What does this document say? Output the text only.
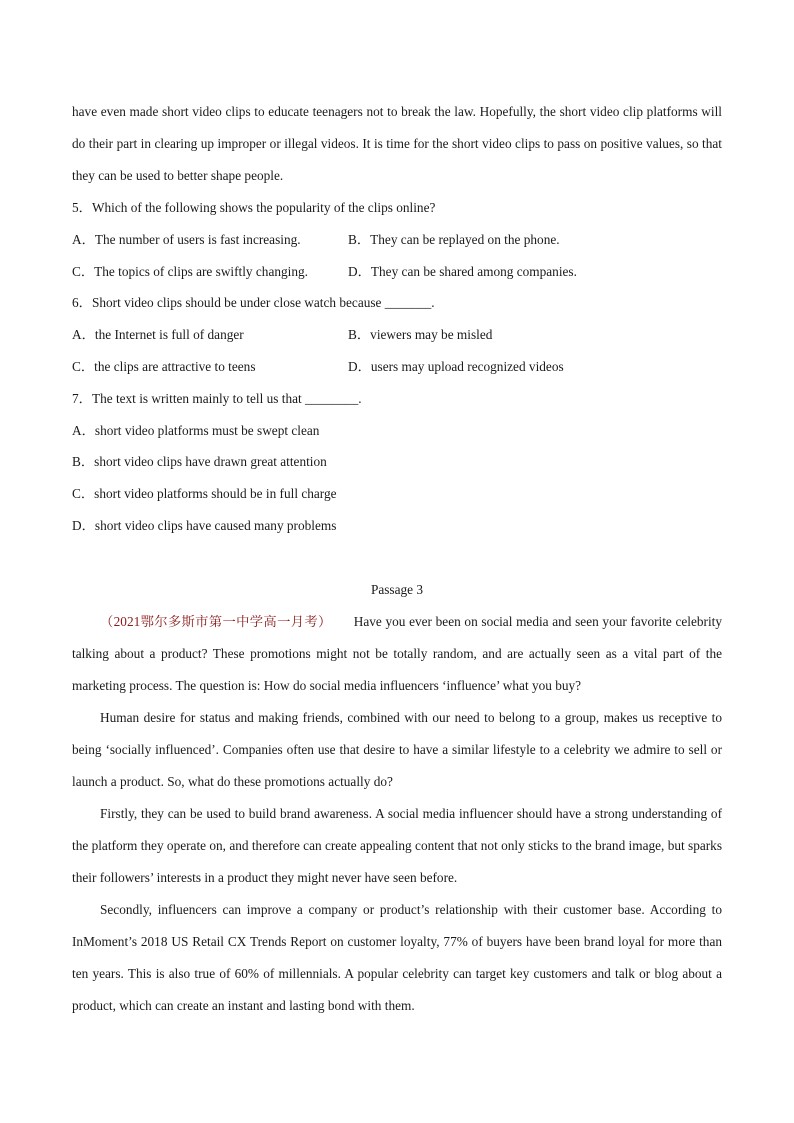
have even made short video clips to educate teenagers not to break the law. Hopefully, the short video clip platforms will do their part in clearing up improper or illegal videos. It is time for the short video clips to pass on positive values, so that they can be used to better shape people.

5．Which of the following shows the popularity of the clips online?
A．The number of users is fast increasing.	B．They can be replayed on the phone.
C．The topics of clips are swiftly changing.	D．They can be shared among companies.
6．Short video clips should be under close watch because _______.
A．the Internet is full of danger	B．viewers may be misled
C．the clips are attractive to teens	D．users may upload recognized videos
7．The text is written mainly to tell us that ________.
A．short video platforms must be swept clean
B．short video clips have drawn great attention
C．short video platforms should be in full charge
D．short video clips have caused many problems
Passage 3

（2021鄂尔多斯市第一中学高一月考） Have you ever been on social media and seen your favorite celebrity talking about a product? These promotions might not be totally random, and are actually seen as a vital part of the marketing process. The question is: How do social media influencers ‘influence’ what you buy?

Human desire for status and making friends, combined with our need to belong to a group, makes us receptive to being ‘socially influenced’. Companies often use that desire to have a similar lifestyle to a celebrity we admire to sell or launch a product. So, what do these promotions actually do?

Firstly, they can be used to build brand awareness. A social media influencer should have a strong understanding of the platform they operate on, and therefore can create appealing content that not only sticks to the brand image, but sparks their followers’ interests in a product they might never have seen before.

Secondly, influencers can improve a company or product’s relationship with their customer base. According to InMoment’s 2018 US Retail CX Trends Report on customer loyalty, 77% of buyers have been brand loyal for more than ten years. This is also true of 60% of millennials. A popular celebrity can target key customers and talk or blog about a product, which can create an instant and lasting bond with them.
